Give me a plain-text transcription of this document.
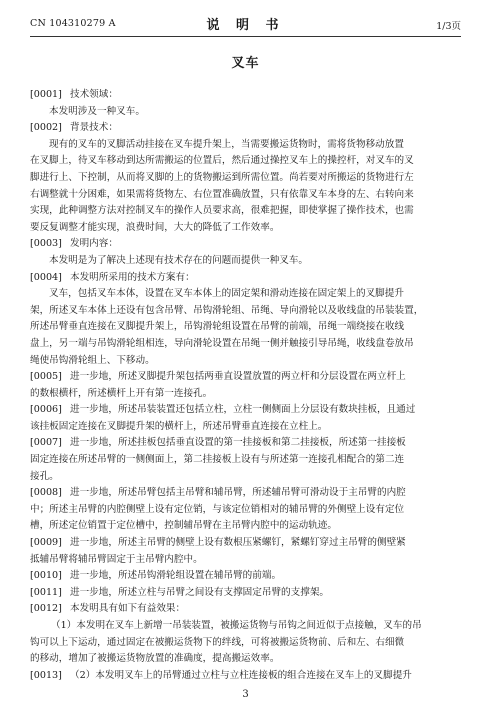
CN 104310279 A	说 明 书	1/3页
叉车
[0001] 技术领域：
本发明涉及一种叉车。
[0002] 背景技术：
现有的叉车的叉脚活动挂接在叉车提升架上，当需要搬运货物时，需将货物移动放置
在叉脚上，待叉车移动到达所需搬运的位置后，然后通过操控叉车上的操控杆，对叉车的叉
脚进行上、下控制，从而将叉脚的上的货物搬运到所需位置。尚若要对所搬运的货物进行左
右调整就十分困难，如果需将货物左、右位置准确放置，只有依靠叉车本身的左、右转向来
实现，此种调整方法对控制叉车的操作人员要求高，很难把握，即使掌握了操作技术，也需
要反复调整才能实现，浪费时间，大大的降低了工作效率。
[0003] 发明内容：
本发明是为了解决上述现有技术存在的问题而提供一种叉车。
[0004] 本发明所采用的技术方案有：
叉车，包括叉车本体，设置在叉车本体上的固定架和滑动连接在固定架上的叉脚提升
架，所述叉车本体上还设有包含吊臂、吊钩滑轮组、吊绳、导向滑轮以及收线盘的吊装装置，
所述吊臂垂直连接在叉脚提升架上，吊钩滑轮组设置在吊臂的前端，吊绳一端绕接在收线
盘上，另一端与吊钩滑轮组相连，导向滑轮设置在吊绳一侧并触接引导吊绳，收线盘卷放吊
绳使吊钩滑轮组上、下移动。
[0005] 进一步地，所述叉脚提升架包括两垂直设置放置的两立杆和分层设置在两立杆上
的数根横杆，所述横杆上开有第一连接孔。
[0006] 进一步地，所述吊装装置还包括立柱，立柱一侧侧面上分层设有数块挂板，且通过
该挂板固定连接在叉脚提升架的横杆上，所述吊臂垂直连接在立柱上。
[0007] 进一步地，所述挂板包括垂直设置的第一挂接板和第二挂接板，所述第一挂接板
固定连接在所述吊臂的一侧侧面上，第二挂接板上设有与所述第一连接孔相配合的第二连
接孔。
[0008] 进一步地，所述吊臂包括主吊臂和辅吊臂，所述辅吊臂可滑动设于主吊臂的内腔
中；所述主吊臂的内腔侧壁上设有定位销，与该定位销相对的辅吊臂的外侧壁上设有定位
槽，所述定位销置于定位槽中，控制辅吊臂在主吊臂内腔中的运动轨迹。
[0009] 进一步地，所述主吊臂的侧壁上设有数根压紧螺钉，紧螺钉穿过主吊臂的侧壁紧
抵辅吊臂将辅吊臂固定于主吊臂内腔中。
[0010] 进一步地，所述吊钩滑轮组设置在辅吊臂的前端。
[0011] 进一步地，所述立柱与吊臂之间设有支撑固定吊臂的支撑架。
[0012] 本发明具有如下有益效果：
（1）本发明在叉车上新增一吊装装置，被搬运货物与吊钩之间近似于点接触，叉车的吊
钩可以上下运动，通过固定在被搬运货物下的绊线，可将被搬运货物前、后和左、右细微
的移动，增加了被搬运货物放置的准确度，提高搬运效率。
[0013] （2）本发明叉车上的吊臂通过立柱与立柱连接板的组合连接在叉车上的叉脚提升
3
